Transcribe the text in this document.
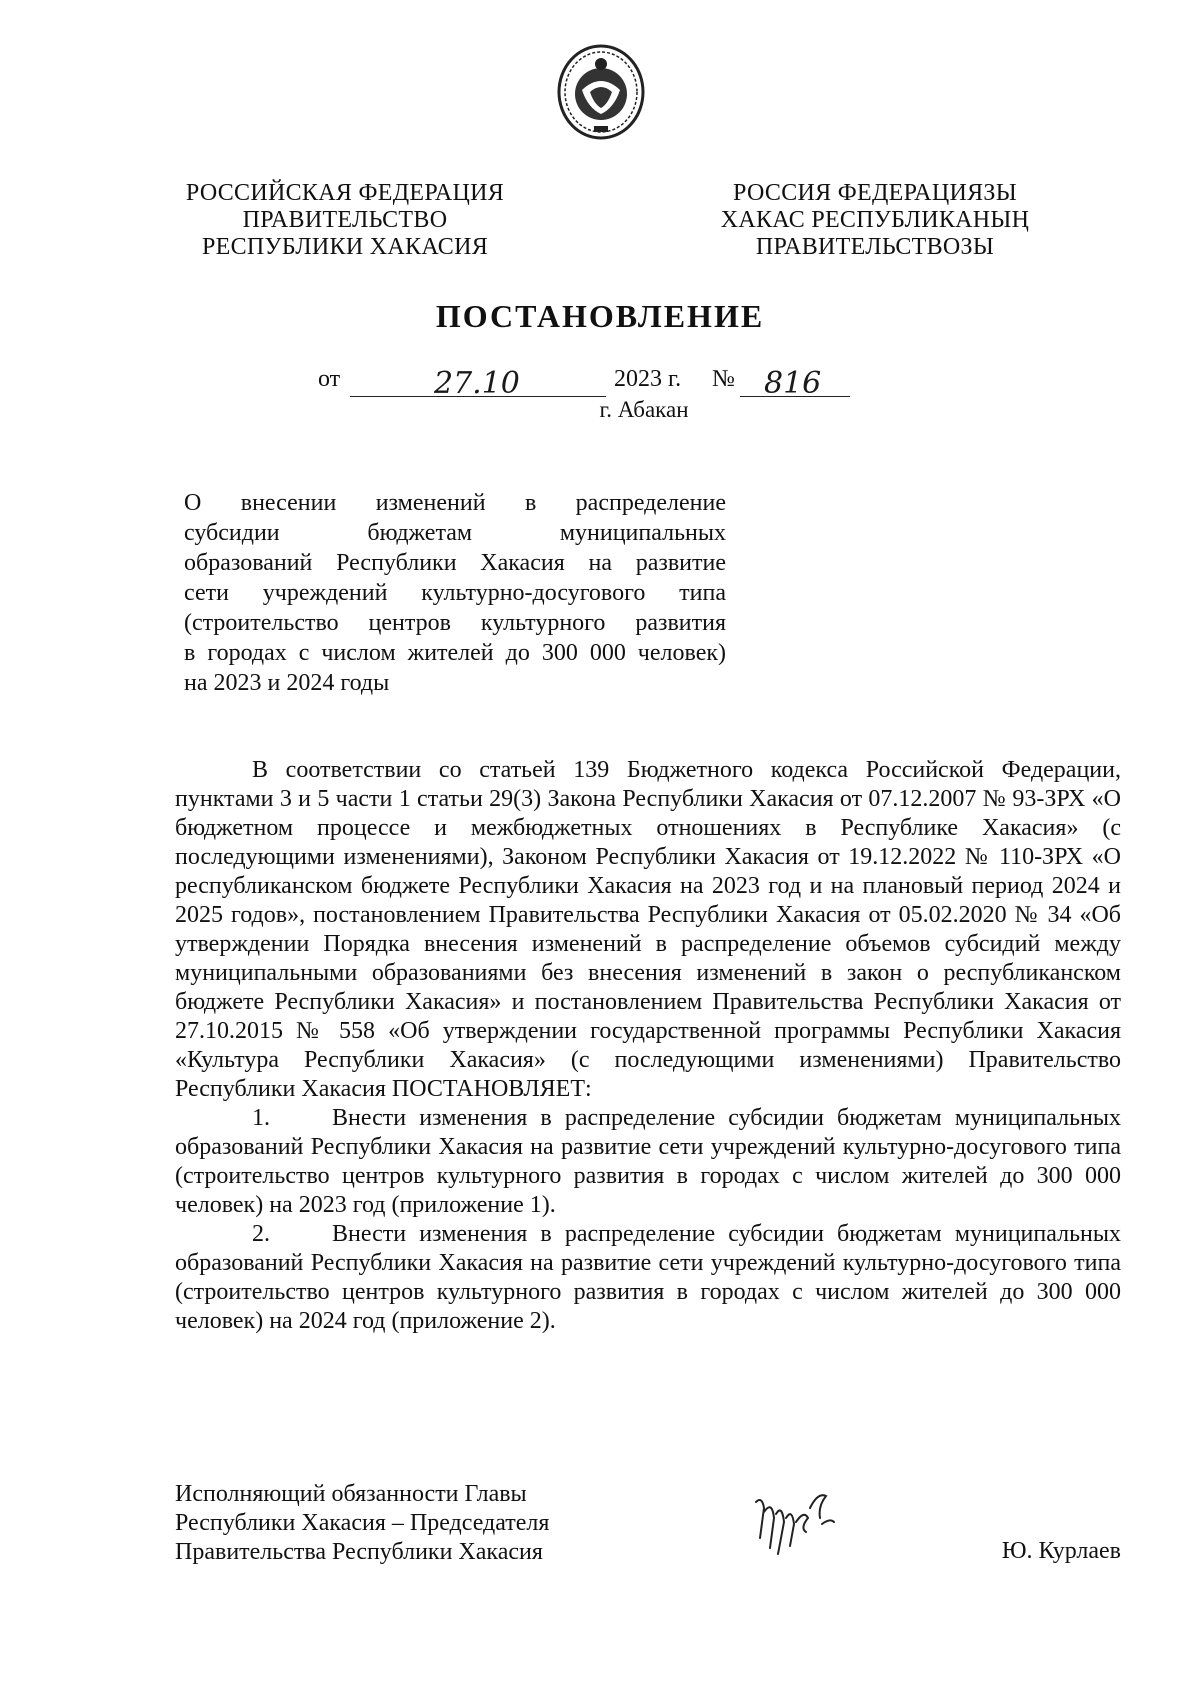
РОССИЙСКАЯ ФЕДЕРАЦИЯ
ПРАВИТЕЛЬСТВО
РЕСПУБЛИКИ ХАКАСИЯ
РОССИЯ ФЕДЕРАЦИЯЗЫ
ХАКАС РЕСПУБЛИКАНЫҢ
ПРАВИТЕЛЬСТВОЗЫ
ПОСТАНОВЛЕНИЕ
от	27.10	2023 г. № 816
г. Абакан

О внесении изменений в распределение

субсидии бюджетам муниципальных

образований Республики Хакасия на развитие

сети учреждений культурно-досугового типа

(строительство центров культурного развития

в городах с числом жителей до 300 000 человек)

на 2023 и 2024 годы

В соответствии со статьей 139 Бюджетного кодекса Российской Федерации, пунктами 3 и 5 части 1 статьи 29(3) Закона Республики Хакасия от 07.12.2007 № 93-ЗРХ «О бюджетном процессе и межбюджетных отношениях в Республике Хакасия» (с последующими изменениями), Законом Республики Хакасия от 19.12.2022 № 110-ЗРХ «О республиканском бюджете Республики Хакасия на 2023 год и на плановый период 2024 и 2025 годов», постановлением Правительства Республики Хакасия от 05.02.2020 № 34 «Об утверждении Порядка внесения изменений в распределение объемов субсидий между муниципальными образованиями без внесения изменений в закон о республиканском бюджете Республики Хакасия» и постановлением Правительства Республики Хакасия от 27.10.2015 № 558 «Об утверждении государственной программы Республики Хакасия «Культура Республики Хакасия» (с последующими изменениями) Правительство Республики Хакасия ПОСТАНОВЛЯЕТ:

1.	Внести изменения в распределение субсидии бюджетам муниципальных образований Республики Хакасия на развитие сети учреждений культурно-досугового типа (строительство центров культурного развития в городах с числом жителей до 300 000 человек) на 2023 год (приложение 1).

2.	Внести изменения в распределение субсидии бюджетам муниципальных образований Республики Хакасия на развитие сети учреждений культурно-досугового типа (строительство центров культурного развития в городах с числом жителей до 300 000 человек) на 2024 год (приложение 2).

Исполняющий обязанности Главы
Республики Хакасия – Председателя
Правительства Республики Хакасия	Ю. Курлаев
